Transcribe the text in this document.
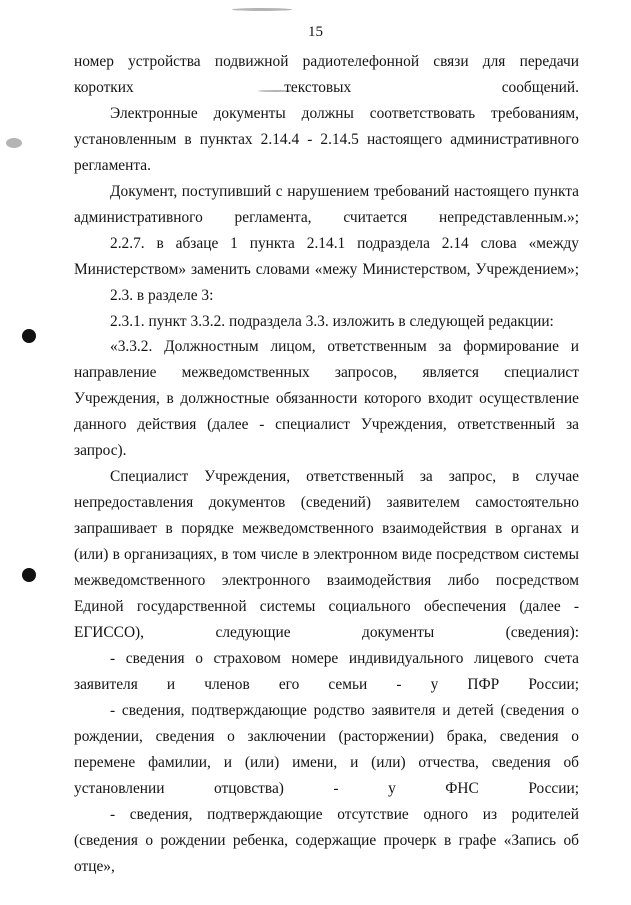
15

номер устройства подвижной радиотелефонной связи для передачи коротких текстовых сообщений.

Электронные документы должны соответствовать требованиям, установленным в пунктах 2.14.4 - 2.14.5 настоящего административного регламента.

Документ, поступивший с нарушением требований настоящего пункта административного регламента, считается непредставленным.»;

2.2.7. в абзаце 1 пункта 2.14.1 подраздела 2.14 слова «между Министерством» заменить словами «межу Министерством, Учреждением»;

2.3. в разделе 3:

2.3.1. пункт 3.3.2. подраздела 3.3. изложить в следующей редакции:

«3.3.2. Должностным лицом, ответственным за формирование и направление межведомственных запросов, является специалист Учреждения, в должностные обязанности которого входит осуществление данного действия (далее - специалист Учреждения, ответственный за запрос).

Специалист Учреждения, ответственный за запрос, в случае непредоставления документов (сведений) заявителем самостоятельно запрашивает в порядке межведомственного взаимодействия в органах и (или) в организациях, в том числе в электронном виде посредством системы межведомственного электронного взаимодействия либо посредством Единой государственной системы социального обеспечения (далее - ЕГИССО), следующие документы (сведения):

- сведения о страховом номере индивидуального лицевого счета заявителя и членов его семьи - у ПФР России;

- сведения, подтверждающие родство заявителя и детей (сведения о рождении, сведения о заключении (расторжении) брака, сведения о перемене фамилии, и (или) имени, и (или) отчества, сведения об установлении отцовства) - у ФНС России;

- сведения, подтверждающие отсутствие одного из родителей (сведения о рождении ребенка, содержащие прочерк в графе «Запись об отце»,
